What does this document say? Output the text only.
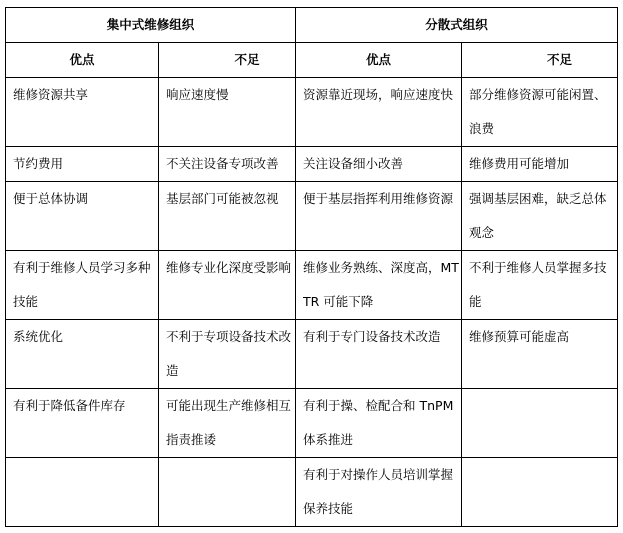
集中式维修组织		分散式组织	
优点	不足	优点	不足
维修资源共享	响应速度慢	资源靠近现场，响应速度快	部分维修资源可能闲置、浪费
节约费用	不关注设备专项改善	关注设备细小改善	维修费用可能增加
便于总体协调	基层部门可能被忽视	便于基层指挥利用维修资源	强调基层困难，缺乏总体观念
有利于维修人员学习多种技能	维修专业化深度受影响	维修业务熟练、深度高，MTTR 可能下降	不利于维修人员掌握多技能
系统优化	不利于专项设备技术改造	有利于专门设备技术改造	维修预算可能虚高
有利于降低备件库存	可能出现生产维修相互指责推诿	有利于操、检配合和 TnPM 体系推进	
		有利于对操作人员培训掌握保养技能	
